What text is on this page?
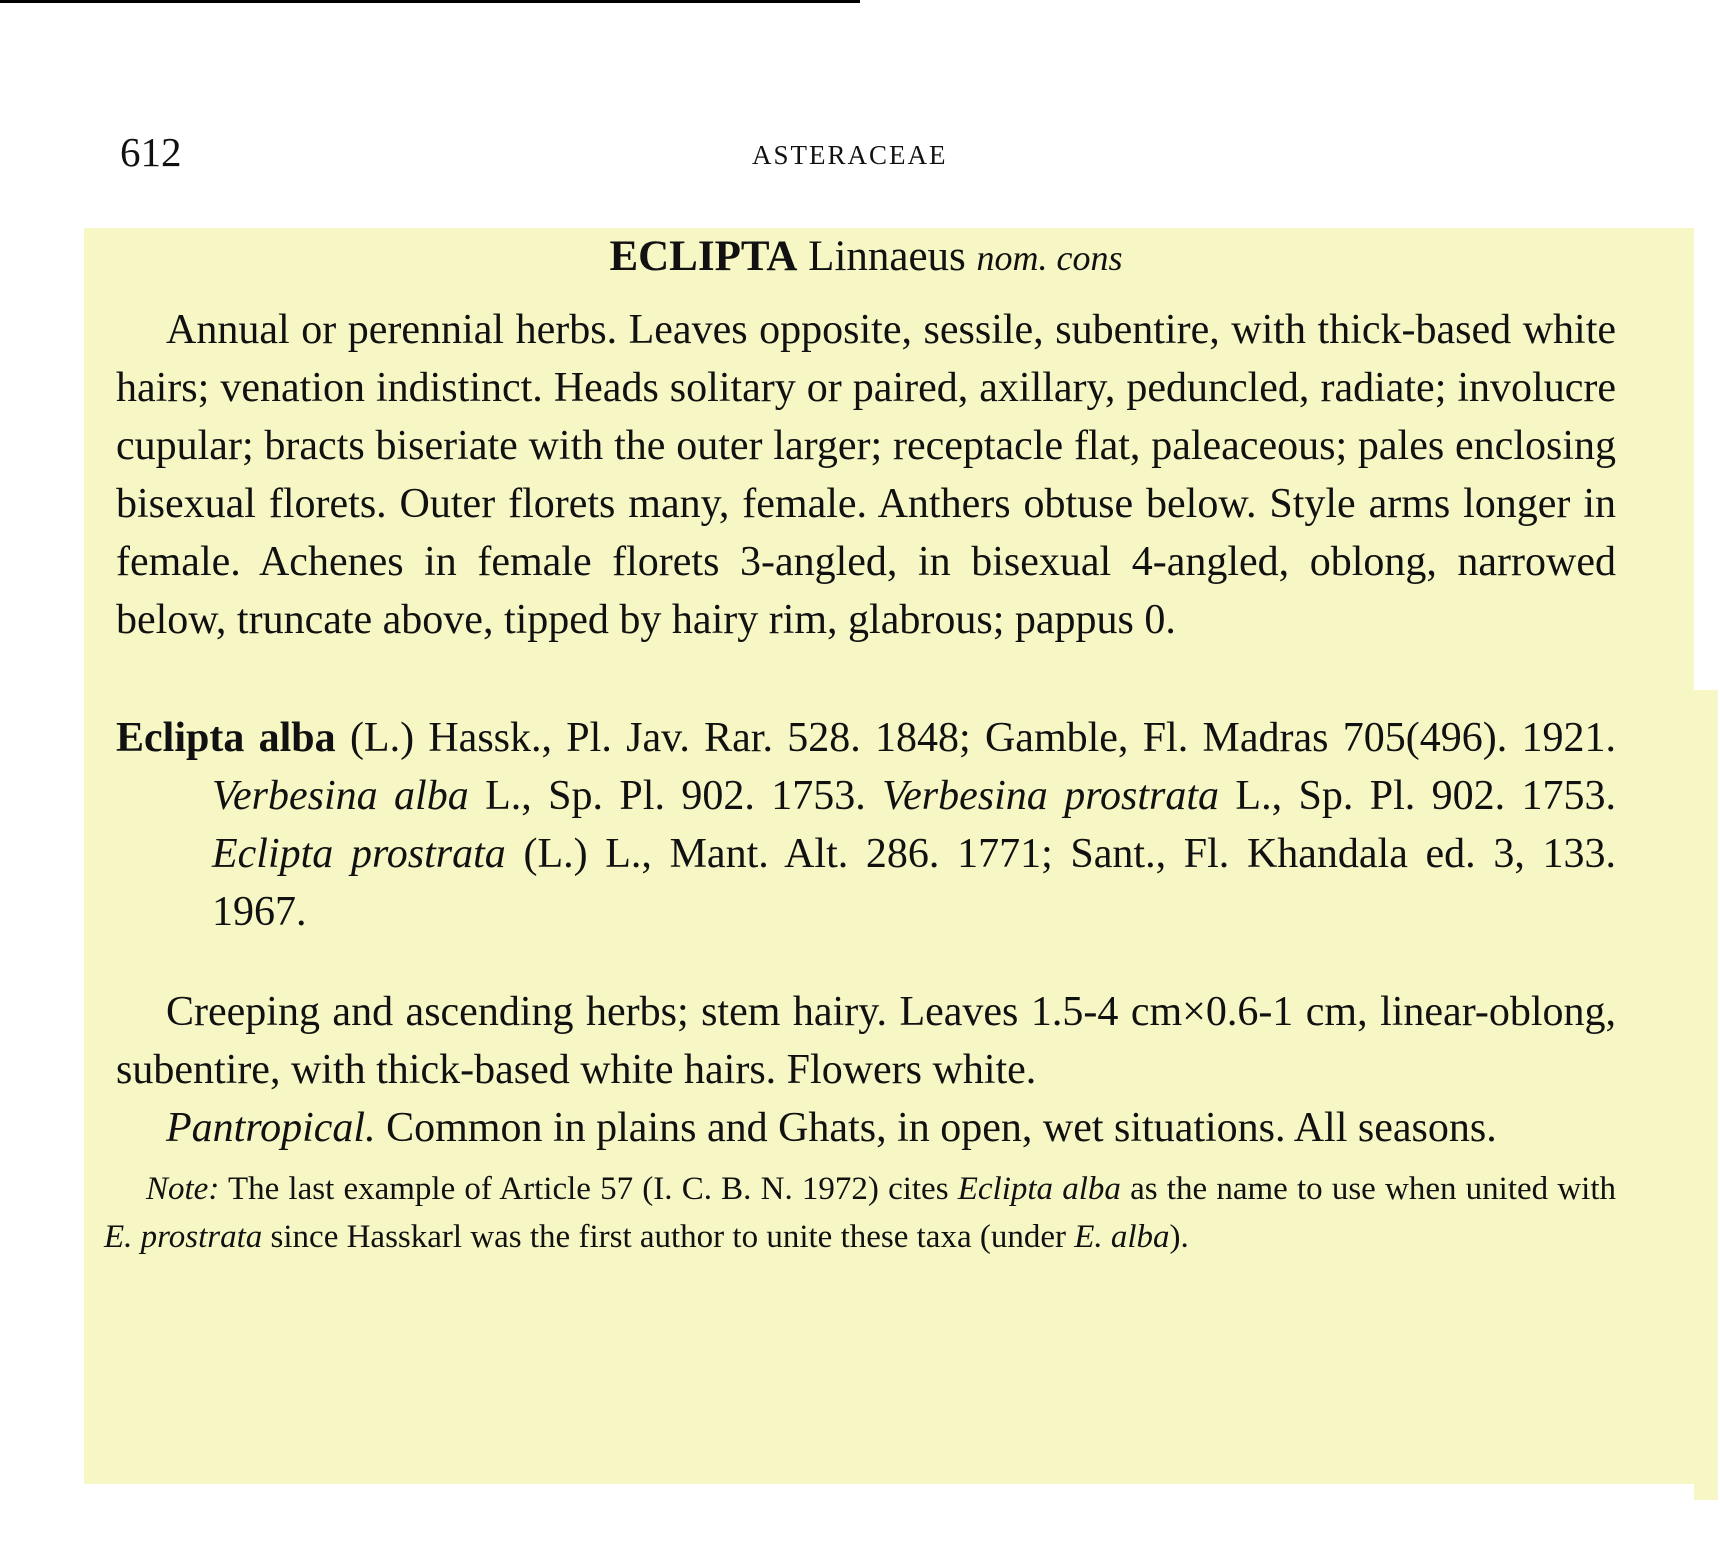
612	ASTERACEAE

ECLIPTA Linnaeus nom. cons

Annual or perennial herbs. Leaves opposite, sessile, subentire, with thick-based white hairs; venation indistinct. Heads solitary or paired, axillary, peduncled, radiate; involucre cupular; bracts biseriate with the outer larger; receptacle flat, paleaceous; pales enclosing bisexual florets. Outer florets many, female. Anthers obtuse below. Style arms longer in female. Achenes in female florets 3-angled, in bisexual 4-angled, oblong, narrowed below, truncate above, tipped by hairy rim, glabrous; pappus 0.

Eclipta alba (L.) Hassk., Pl. Jav. Rar. 528. 1848; Gamble, Fl. Madras 705(496). 1921. Verbesina alba L., Sp. Pl. 902. 1753. Verbesina prostrata L., Sp. Pl. 902. 1753. Eclipta prostrata (L.) L., Mant. Alt. 286. 1771; Sant., Fl. Khandala ed. 3, 133. 1967.

Creeping and ascending herbs; stem hairy. Leaves 1.5-4 cm×0.6-1 cm, linear-oblong, subentire, with thick-based white hairs. Flowers white.

Pantropical. Common in plains and Ghats, in open, wet situations. All seasons.

Note: The last example of Article 57 (I. C. B. N. 1972) cites Eclipta alba as the name to use when united with E. prostrata since Hasskarl was the first author to unite these taxa (under E. alba).
